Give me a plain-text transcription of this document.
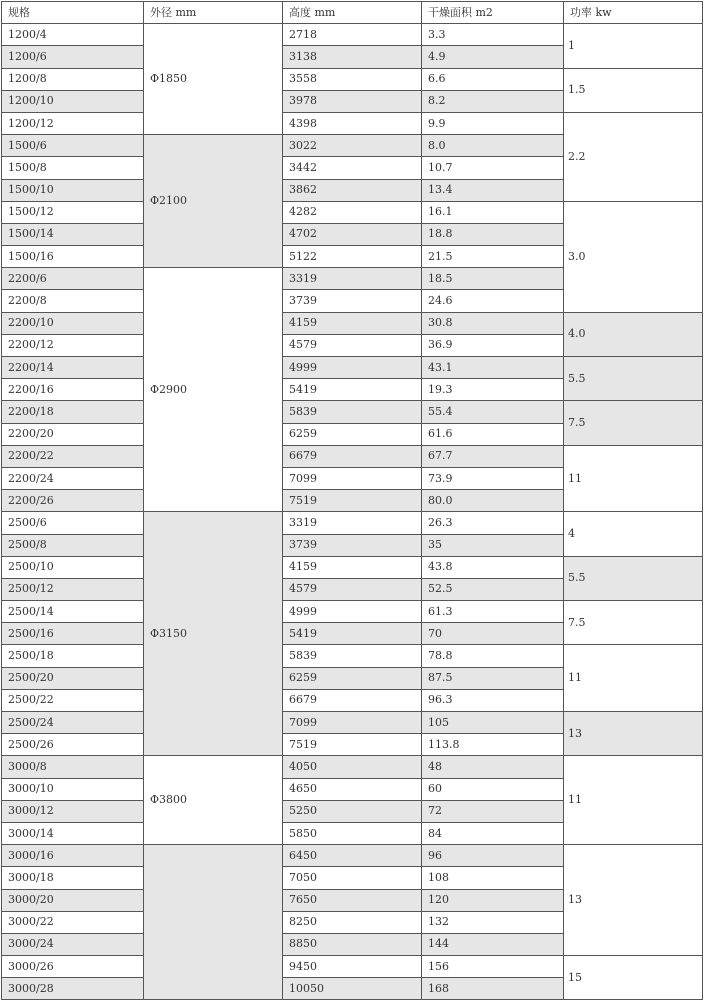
规格	外径 mm	高度 mm	干燥面积 m2	功率 kw
1200/4	Φ1850	2718	3.3	1
1200/6		3138	4.9	
1200/8		3558	6.6	1.5
1200/10		3978	8.2	
1200/12		4398	9.9	2.2
1500/6	Φ2100	3022	8.0	
1500/8		3442	10.7	
1500/10		3862	13.4	
1500/12		4282	16.1	3.0
1500/14		4702	18.8	
1500/16		5122	21.5	
2200/6	Φ2900	3319	18.5	
2200/8		3739	24.6	
2200/10		4159	30.8	4.0
2200/12		4579	36.9	
2200/14		4999	43.1	5.5
2200/16		5419	19.3	
2200/18		5839	55.4	7.5
2200/20		6259	61.6	
2200/22		6679	67.7	11
2200/24		7099	73.9	
2200/26		7519	80.0	
2500/6	Φ3150	3319	26.3	4
2500/8		3739	35	
2500/10		4159	43.8	5.5
2500/12		4579	52.5	
2500/14		4999	61.3	7.5
2500/16		5419	70	
2500/18		5839	78.8	11
2500/20		6259	87.5	
2500/22		6679	96.3	
2500/24		7099	105	13
2500/26		7519	113.8	
3000/8	Φ3800	4050	48	11
3000/10		4650	60	
3000/12		5250	72	
3000/14		5850	84	
3000/16		6450	96	13
3000/18		7050	108	
3000/20		7650	120	
3000/22		8250	132	
3000/24		8850	144	
3000/26		9450	156	15
3000/28		10050	168	
